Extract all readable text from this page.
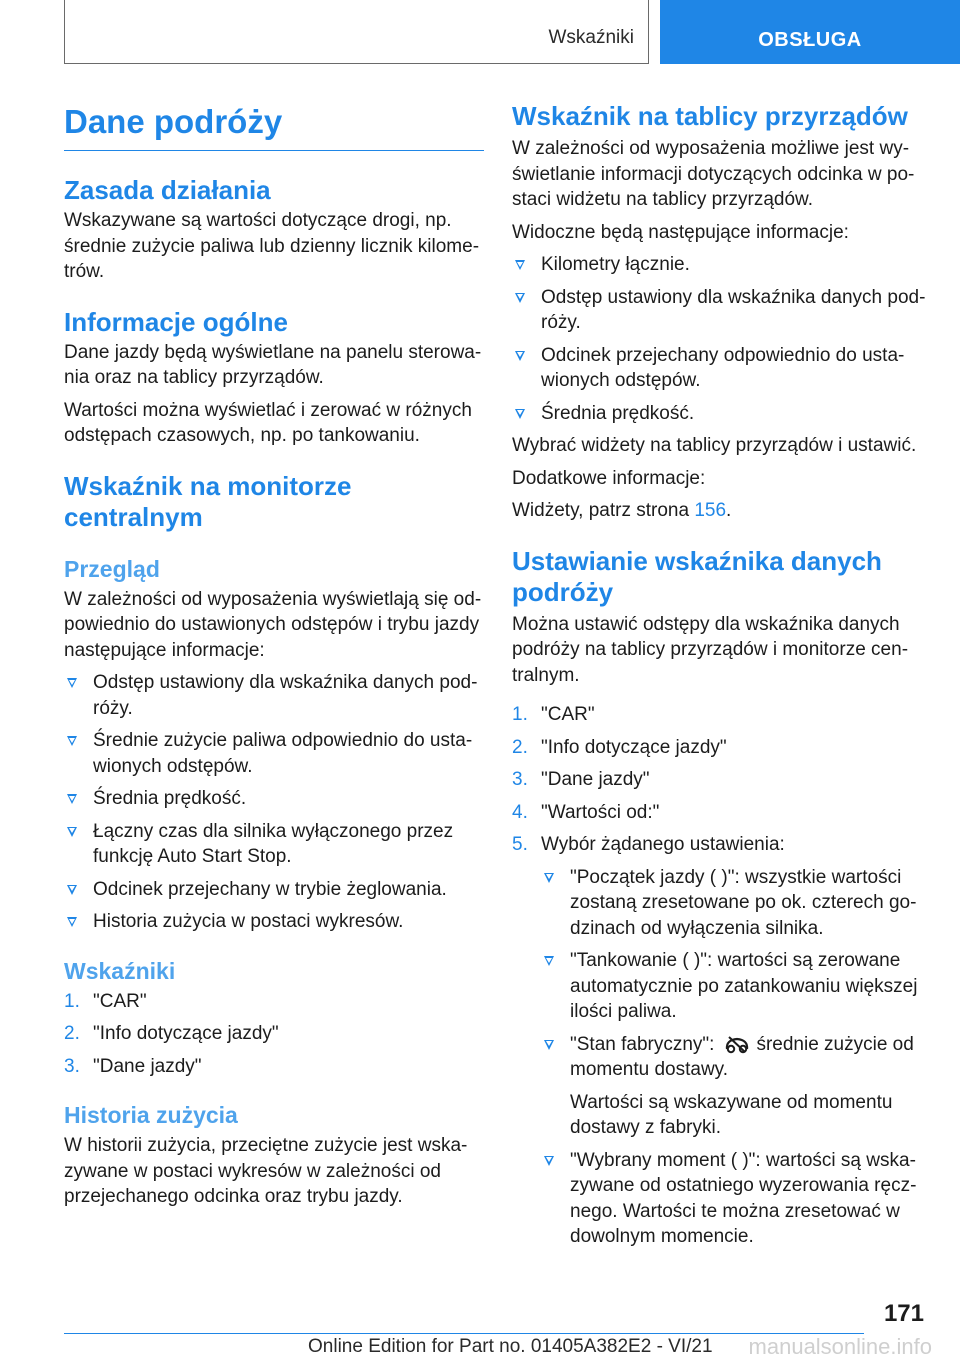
Wskaźniki	OBSŁUGA
Dane podróży
Zasada działania

Wskazywane są wartości dotyczące drogi, np. średnie zużycie paliwa lub dzienny licznik kilometrów.

Informacje ogólne

Dane jazdy będą wyświetlane na panelu sterowania oraz na tablicy przyrządów.

Wartości można wyświetlać i zerować w różnych odstępach czasowych, np. po tankowaniu.

Wskaźnik na monitorze centralnym
Przegląd

W zależności od wyposażenia wyświetlają się odpowiednio do ustawionych odstępów i trybu jazdy następujące informacje:

Odstęp ustawiony dla wskaźnika danych podróży.
Średnie zużycie paliwa odpowiednio do ustawionych odstępów.
Średnia prędkość.
Łączny czas dla silnika wyłączonego przez funkcję Auto Start Stop.
Odcinek przejechany w trybie żeglowania.
Historia zużycia w postaci wykresów.
Wskaźniki
1. "CAR"
2. "Info dotyczące jazdy"
3. "Dane jazdy"
Historia zużycia

W historii zużycia, przeciętne zużycie jest wskazywane w postaci wykresów w zależności od przejechanego odcinka oraz trybu jazdy.

Wskaźnik na tablicy przyrządów

W zależności od wyposażenia możliwe jest wyświetlanie informacji dotyczących odcinka w postaci widżetu na tablicy przyrządów.

Widoczne będą następujące informacje:

Kilometry łącznie.
Odstęp ustawiony dla wskaźnika danych podróży.
Odcinek przejechany odpowiednio do ustawionych odstępów.
Średnia prędkość.

Wybrać widżety na tablicy przyrządów i ustawić.

Dodatkowe informacje:

Widżety, patrz strona 156.

Ustawianie wskaźnika danych podróży

Można ustawić odstępy dla wskaźnika danych podróży na tablicy przyrządów i monitorze centralnym.

1. "CAR"
2. "Info dotyczące jazdy"
3. "Dane jazdy"
4. "Wartości od:"
5. Wybór żądanego ustawienia:
"Początek jazdy ( )": wszystkie wartości zostaną zresetowane po ok. czterech godzinach od wyłączenia silnika.
"Tankowanie ( )": wartości są zerowane automatycznie po zatankowaniu większej ilości paliwa.
"Stan fabryczny": średnie zużycie od momentu dostawy.

Wartości są wskazywane od momentu dostawy z fabryki.

"Wybrany moment ( )": wartości są wskazywane od ostatniego wyzerowania ręcznego. Wartości te można zresetować w dowolnym momencie.
171
Online Edition for Part no. 01405A382E2 - VI/21 manualsonline.info
